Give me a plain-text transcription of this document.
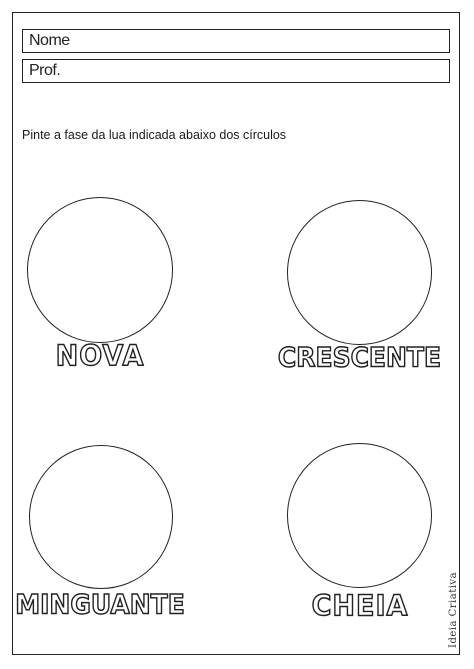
Nome
Prof.
Pinte a fase da lua indicada abaixo dos círculos
NOVA	CRESCENTE
MINGUANTE	CHEIA	Ideia Criativa
